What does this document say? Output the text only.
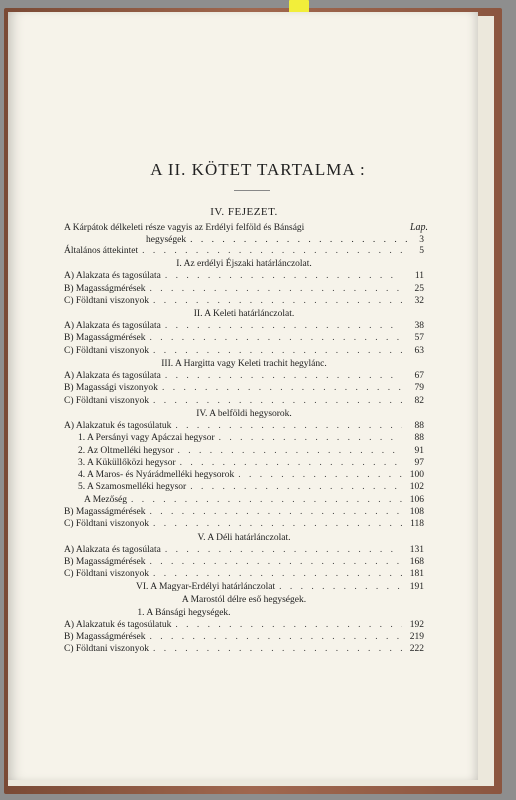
A II. KÖTET TARTALMA :
IV. FEJEZET.
Lap.
A Kárpátok délkeleti része vagyis az Erdélyi felföld és Bánsági
hegységek . . .	3
Általános áttekintet . . .	5
I. Az erdélyi Éjszaki határlánczolat.
A) Alakzata és tagosúlata . . .	11
B) Magasságmérések . . .	25
C) Földtani viszonyok . . .	32
II. A Keleti határlánczolat.
A) Alakzata és tagosúlata . . .	38
B) Magasságmérések . . .	57
C) Földtani viszonyok . . .	63
III. A Hargitta vagy Keleti trachit hegylánc.
A) Alakzata és tagosúlata . . .	67
B) Magassági viszonyok . . .	79
C) Földtani viszonyok . . .	82
IV. A belföldi hegysorok.
A) Alakzatuk és tagosúlatuk . . .	88
1. A Persányi vagy Apáczai hegysor . . .	88
2. Az Oltmelléki hegysor . . .	91
3. A Küküllőközi hegysor . . .	97
4. A Maros- és Nyárádmelléki hegysorok . . .	100
5. A Szamosmelléki hegysor . . .	102
A Mezőség . . .	106
B) Magasságmérések . . .	108
C) Földtani viszonyok . . .	118
V. A Déli határlánczolat.
A) Alakzata és tagosúlata . . .	131
B) Magasságmérések . . .	168
C) Földtani viszonyok . . .	181
VI. A Magyar-Erdélyi határlánczolat . . .	191
A Marostól délre eső hegységek.
1. A Bánsági hegységek.
A) Alakzatuk és tagosúlatuk . . .	192
B) Magasságmérések . . .	219
C) Földtani viszonyok . . .	222
